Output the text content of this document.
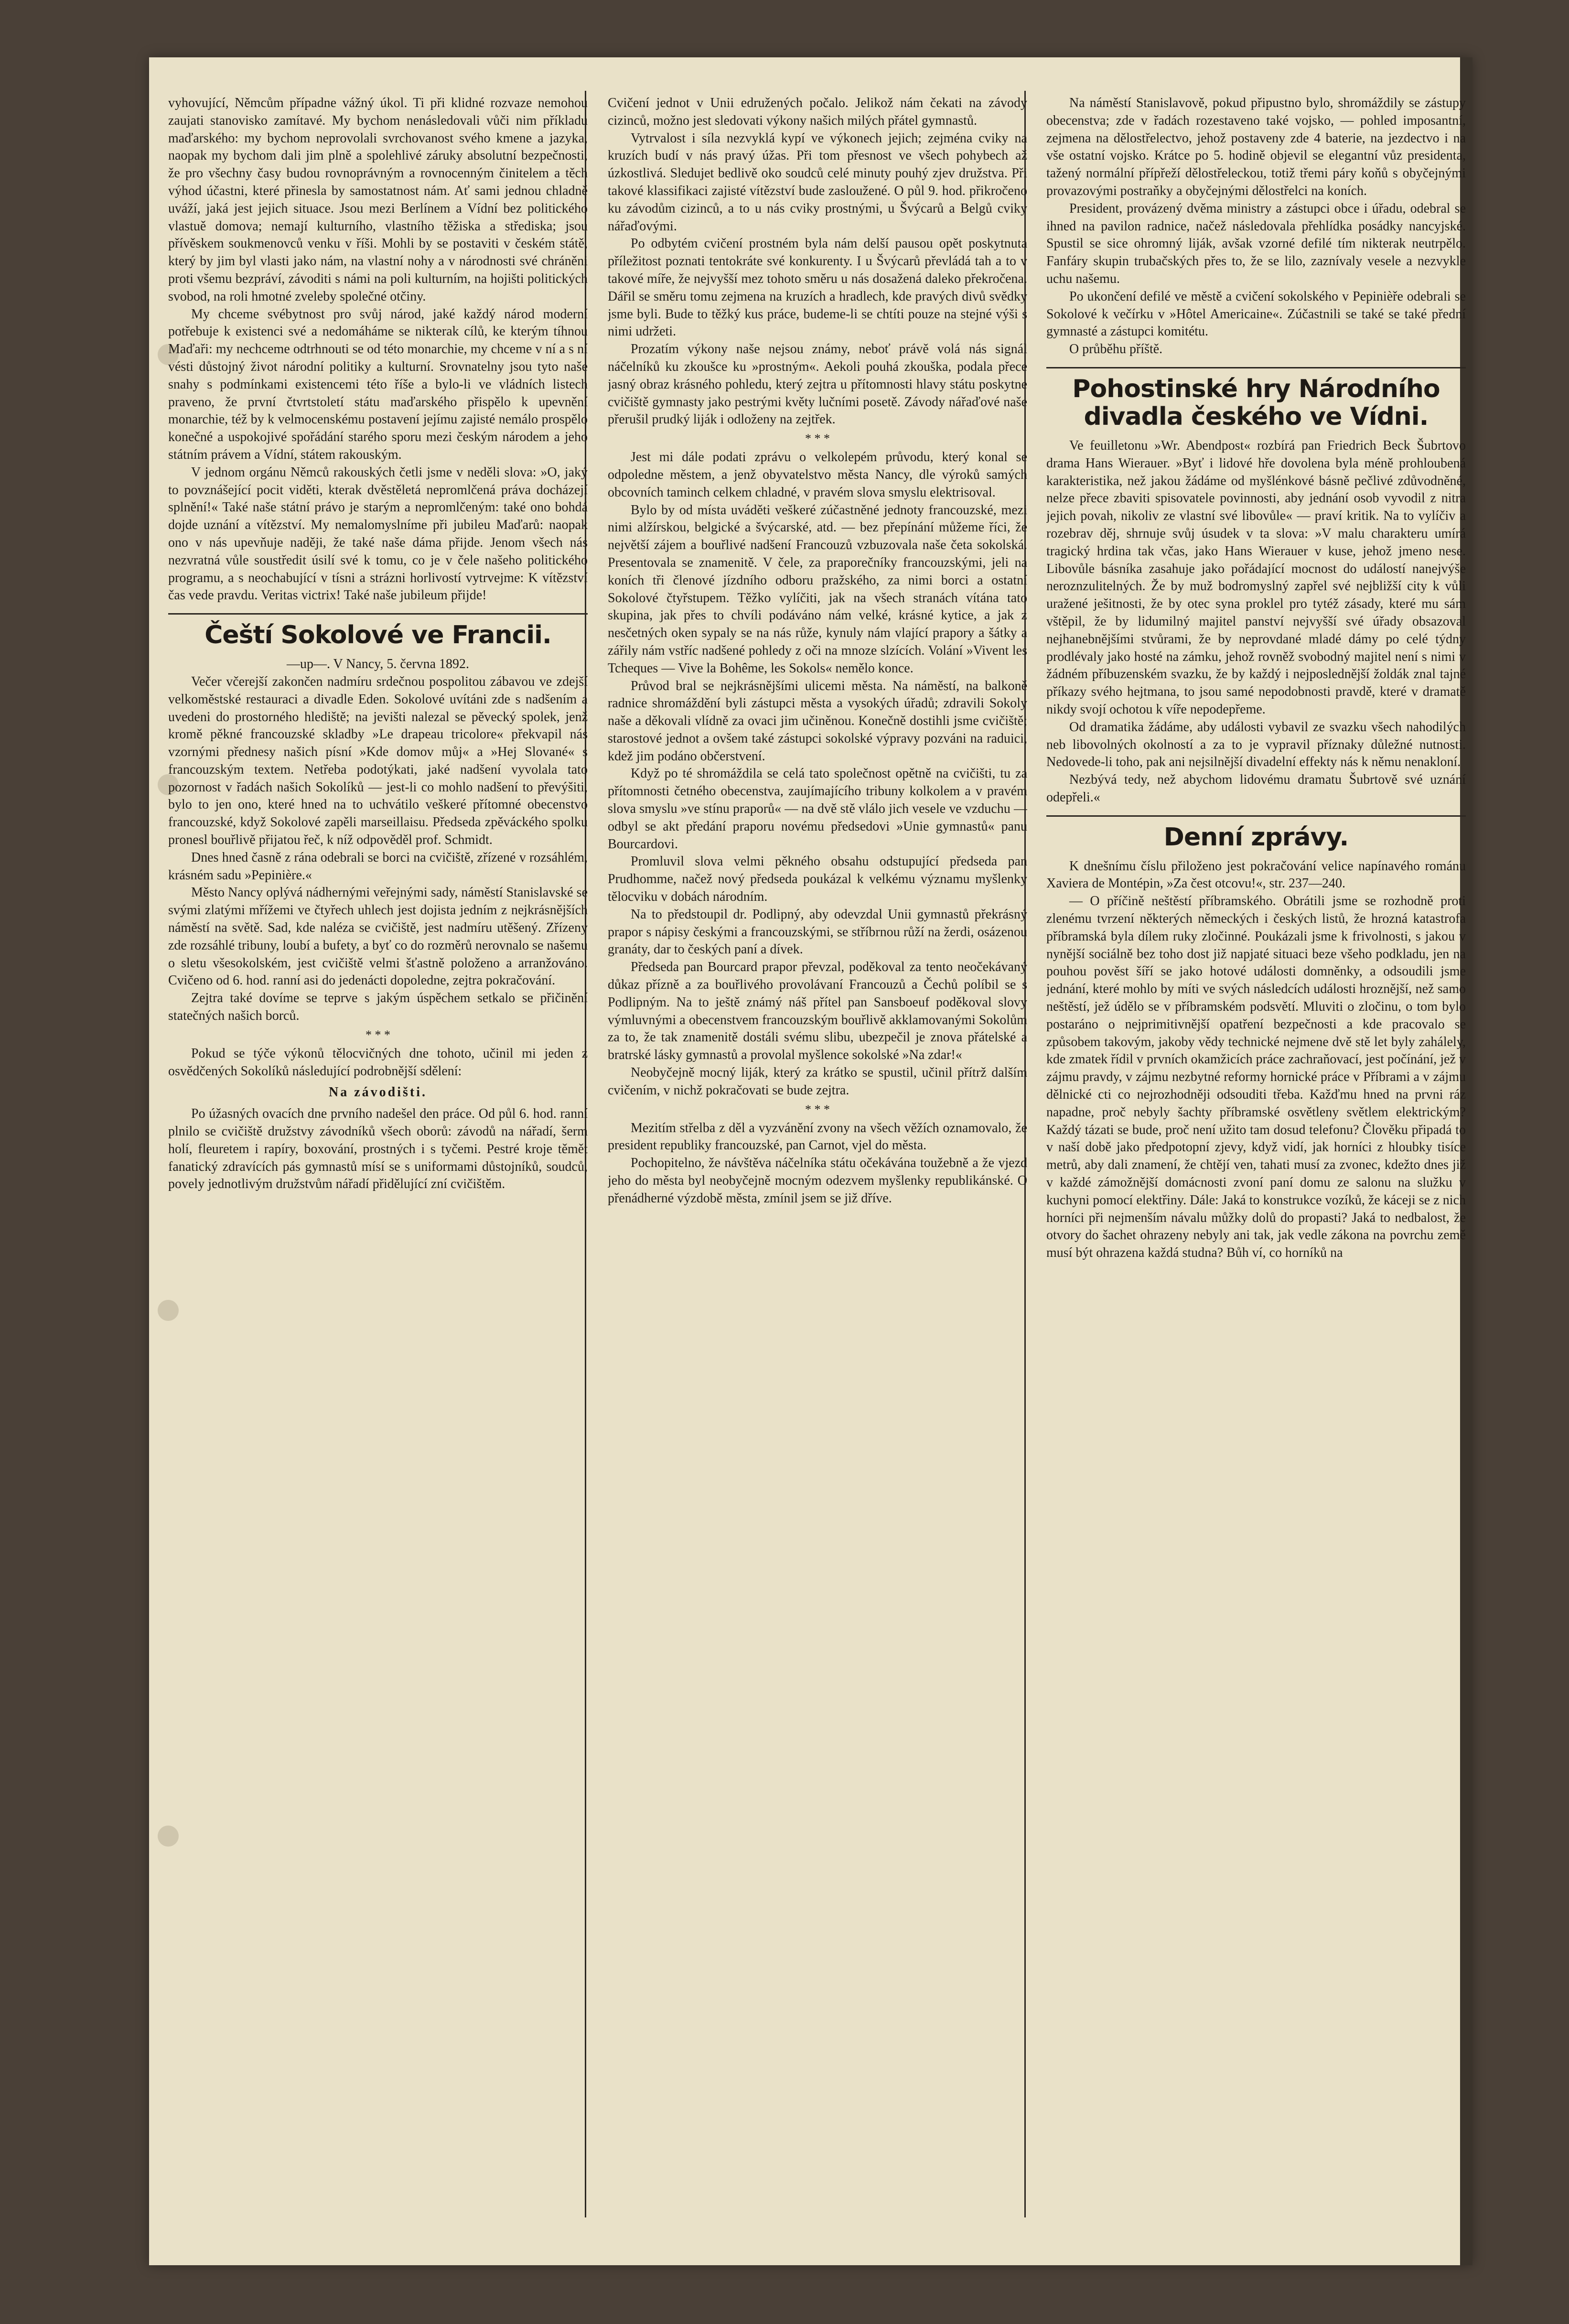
vyhovující, Němcům případne vážný úkol. Ti při klidné rozvaze nemohou zaujati stanovisko zamítavé. My bychom nenásledovali vůči nim příkladu maďarského: my bychom neprovolali svrchovanost svého kmene a jazyka, naopak my bychom dali jim plně a spolehlivé záruky absolutní bezpečnosti, že pro všechny časy budou rovnoprávným a rovnocenným činitelem a těch výhod účastni, které přinesla by samostatnost nám. Ať sami jednou chladně uváží, jaká jest jejich situace. Jsou mezi Berlínem a Vídní bez politického vlastuě domova; nemají kulturního, vlastního těžiska a střediska; jsou přívěskem soukmenovců venku v říši. Mohli by se postaviti v českém státě, který by jim byl vlasti jako nám, na vlastní nohy a v národnosti své chráněni proti všemu bezpráví, závoditi s námi na poli kulturním, na hojišti politických svobod, na roli hmotné zveleby společné otčiny.

My chceme svébytnost pro svůj národ, jaké každý národ moderní potřebuje k existenci své a nedomáháme se nikterak cílů, ke kterým tíhnou Maďaři: my nechceme odtrhnouti se od této monarchie, my chceme v ní a s ní vésti důstojný život národní politiky a kulturní. Srovnatelny jsou tyto naše snahy s podmínkami existencemi této říše a bylo-li ve vládních listech praveno, že první čtvrtstoletí státu maďarského přispělo k upevnění monarchie, též by k velmocenskému postavení jejímu zajisté nemálo prospělo konečné a uspokojivé spořádání starého sporu mezi českým národem a jeho státním právem a Vídní, státem rakouským.

V jednom orgánu Němců rakouských četli jsme v neděli slova: »O, jaký to povznášející pocit viděti, kterak dvěstěletá nepromlčená práva docházejí splnění!« Také naše státní právo je starým a nepromlčeným: také ono bohdá dojde uznání a vítězství. My nemalomyslníme při jubileu Maďarů: naopak ono v nás upevňuje naději, že také naše dáma přijde. Jenom všech nás nezvratná vůle soustředit úsilí své k tomu, co je v čele našeho politického programu, a s neochabující v tísni a strázni horlivostí vytrvejme: K vítězství čas vede pravdu. Veritas victrix! Také naše jubileum přijde!

Čeští Sokolové ve Francii.

—up—. V Nancy, 5. června 1892.

Večer včerejší zakončen nadmíru srdečnou pospolitou zábavou ve zdejší velkoměstské restauraci a divadle Eden. Sokolové uvítáni zde s nadšením a uvedeni do prostorného hlediště; na jevišti nalezal se pěvecký spolek, jenž kromě pěkné francouzské skladby »Le drapeau tricolore« překvapil nás vzornými přednesy našich písní »Kde domov můj« a »Hej Slované« s francouzským textem. Netřeba podotýkati, jaké nadšení vyvolala tato pozornost v řadách našich Sokolíků — jest-li co mohlo nadšení to převýšiti, bylo to jen ono, které hned na to uchvátilo veškeré přítomné obecenstvo francouzské, když Sokolové zapěli marseillaisu. Předseda zpěváckého spolku pronesl bouřlivě přijatou řeč, k níž odpověděl prof. Schmidt.

Dnes hned časně z rána odebrali se borci na cvičiště, zřízené v rozsáhlém, krásném sadu »Pepinière.«

Město Nancy oplývá nádhernými veřejnými sady, náměstí Stanislavské se svými zlatými mřížemi ve čtyřech uhlech jest dojista jedním z nejkrásnějších náměstí na světě. Sad, kde naléza se cvičiště, jest nadmíru utěšený. Zřízeny zde rozsáhlé tribuny, loubí a bufety, a byť co do rozměrů nerovnalo se našemu o sletu všesokolském, jest cvičiště velmi šťastně položeno a arranžováno. Cvičeno od 6. hod. ranní asi do jedenácti dopoledne, zejtra pokračování.

Zejtra také dovíme se teprve s jakým úspěchem setkalo se přičinění statečných našich borců.

* * *

Pokud se týče výkonů tělocvičných dne tohoto, učinil mi jeden z osvědčených Sokolíků následující podrobnější sdělení:

Na závodišti.

Po úžasných ovacích dne prvního nadešel den práce. Od půl 6. hod. ranní plnilo se cvičiště družstvy závodníků všech oborů: závodů na nářadí, šerm holí, fleuretem i rapíry, boxování, prostných i s tyčemi. Pestré kroje těmět fanatický zdravících pás gymnastů mísí se s uniformami důstojníků, soudců, povely jednotlivým družstvům nářadí přidělující zní cvičištěm.

Cvičení jednot v Unii edružených počalo. Jelikož nám čekati na závody cizinců, možno jest sledovati výkony našich milých přátel gymnastů.

Vytrvalost i síla nezvyklá kypí ve výkonech jejich; zejména cviky na kruzích budí v nás pravý úžas. Při tom přesnost ve všech pohybech až úzkostlivá. Sledujet bedlivě oko soudců celé minuty pouhý zjev družstva. Při takové klassifikaci zajisté vítězství bude zasloužené. O půl 9. hod. přikročeno ku závodům cizinců, a to u nás cviky prostnými, u Švýcarů a Belgů cviky nářaďovými.

Po odbytém cvičení prostném byla nám delší pausou opět poskytnuta příležitost poznati tentokráte své konkurenty. I u Švýcarů převládá tah a to v takové míře, že nejvyšší mez tohoto směru u nás dosažená daleko překročena. Dářil se směru tomu zejmena na kruzích a hradlech, kde pravých divů svědky jsme byli. Bude to těžký kus práce, budeme-li se chtíti pouze na stejné výši s nimi udržeti.

Prozatím výkony naše nejsou známy, neboť právě volá nás signál náčelníků ku zkoušce ku »prostným«. Aekoli pouhá zkouška, podala přece jasný obraz krásného pohledu, který zejtra u přítomnosti hlavy státu poskytne cvičiště gymnasty jako pestrými květy lučními posetě. Závody nářaďové naše přerušil prudký liják i odloženy na zejtřek.

* * *

Jest mi dále podati zprávu o velkolepém průvodu, který konal se odpoledne městem, a jenž obyvatelstvo města Nancy, dle výroků samých obcovních taminch celkem chladné, v pravém slova smyslu elektrisoval.

Bylo by od místa uváděti veškeré zúčastněné jednoty francouzské, mezi nimi alžírskou, belgické a švýcarské, atd. — bez přepínání můžeme říci, že největší zájem a bouřlivé nadšení Francouzů vzbuzovala naše četa sokolská. Presentovala se znamenitě. V čele, za praporečníky francouzskými, jeli na koních tři členové jízdního odboru pražského, za nimi borci a ostatní Sokolové čtyřstupem. Těžko vylíčiti, jak na všech stranách vítána tato skupina, jak přes to chvíli podáváno nám velké, krásné kytice, a jak z nesčetných oken sypaly se na nás růže, kynuly nám vlající prapory a šátky a zářily nám vstříc nadšené pohledy z oči na mnoze slzících. Volání »Vivent les Tcheques — Vive la Bohême, les Sokols« nemělo konce.

Průvod bral se nejkrásnějšími ulicemi města. Na náměstí, na balkoně radnice shromáždění byli zástupci města a vysokých úřadů; zdravili Sokoly naše a děkovali vlídně za ovaci jim učiněnou. Konečně dostihli jsme cvičiště; starostové jednot a ovšem také zástupci sokolské výpravy pozváni na raduici, kdež jim podáno občerstvení.

Když po té shromáždila se celá tato společnost opětně na cvičišti, tu za přítomnosti četného obecenstva, zaujímajícího tribuny kolkolem a v pravém slova smyslu »ve stínu praporů« — na dvě stě vlálo jich vesele ve vzduchu — odbyl se akt předání praporu novému předsedovi »Unie gymnastů« panu Bourcardovi.

Promluvil slova velmi pěkného obsahu odstupující předseda pan Prudhomme, načež nový předseda poukázal k velkému významu myšlenky tělocviku v dobách národním.

Na to předstoupil dr. Podlipný, aby odevzdal Unii gymnastů překrásný prapor s nápisy českými a francouzskými, se stříbrnou růží na žerdi, osázenou granáty, dar to českých paní a dívek.

Předseda pan Bourcard prapor převzal, poděkoval za tento neočekávaný důkaz přízně a za bouřlivého provolávaní Francouzů a Čechů políbil se s Podlipným. Na to ještě známý náš přítel pan Sansboeuf poděkoval slovy výmluvnými a obecenstvem francouzským bouřlivě akklamovanými Sokolům za to, že tak znamenitě dostáli svému slibu, ubezpečil je znova přátelské a bratrské lásky gymnastů a provolal myšlence sokolské »Na zdar!«

Neobyčejně mocný liják, který za krátko se spustil, učinil přítrž dalším cvičením, v nichž pokračovati se bude zejtra.

* * *

Mezitím střelba z děl a vyzvánění zvony na všech věžích oznamovalo, že president republiky francouzské, pan Carnot, vjel do města.

Pochopitelno, že návštěva náčelníka státu očekávána toužebně a že vjezd jeho do města byl neobyčejně mocným odezvem myšlenky republikánské. O přenádherné výzdobě města, zmínil jsem se již dříve.

Na náměstí Stanislavově, pokud připustno bylo, shromáždily se zástupy obecenstva; zde v řadách rozestaveno také vojsko, — pohled imposantní, zejmena na dělostřelectvo, jehož postaveny zde 4 baterie, na jezdectvo i na vše ostatní vojsko. Krátce po 5. hodině objevil se elegantní vůz presidenta, tažený normální přípřeží dělostřeleckou, totiž třemi páry koňů s obyčejnými provazovými postraňky a obyčejnými dělostřelci na koních.

President, provázený dvěma ministry a zástupci obce i úřadu, odebral se ihned na pavilon radnice, načež následovala přehlídka posádky nancyjské. Spustil se sice ohromný liják, avšak vzorné defilé tím nikterak neutrpělo. Fanfáry skupin trubačských přes to, že se lilo, zaznívaly vesele a nezvykle uchu našemu.

Po ukončení defilé ve městě a cvičení sokolského v Pepinièře odebrali se Sokolové k večírku v »Hôtel Americaine«. Zúčastnili se také se také přední gymnasté a zástupci komitétu.

O průběhu příště.

Pohostinské hry Národního divadla českého ve Vídni.

Ve feuilletonu »Wr. Abendpost« rozbírá pan Friedrich Beck Šubrtovo drama Hans Wierauer. »Byť i lidové hře dovolena byla méně prohloubená karakteristika, než jakou žádáme od myšlénkové básně pečlivé zdůvodněné, nelze přece zbaviti spisovatele povinnosti, aby jednání osob vyvodil z nitra jejich povah, nikoliv ze vlastní své libovůle« — praví kritik. Na to vylíčiv a rozebrav děj, shrnuje svůj úsudek v ta slova: »V malu charakteru umírá tragický hrdina tak včas, jako Hans Wierauer v kuse, jehož jmeno nese. Libovůle básníka zasahuje jako pořádající mocnost do událostí nanejvýše neroznzulitelných. Že by muž bodromyslný zapřel své nejbližší city k vůli uražené ješitnosti, že by otec syna proklel pro tytéž zásady, které mu sám vštěpil, že by lidumilný majitel panství nejvyšší své úřady obsazoval nejhanebnějšími stvůrami, že by neprovdané mladé dámy po celé týdny prodlévaly jako hosté na zámku, jehož rovněž svobodný majitel není s nimi v žádném příbuzenském svazku, že by každý i nejposlednější žoldák znal tajné příkazy svého hejtmana, to jsou samé nepodobnosti pravdě, které v dramatě nikdy svojí ochotou k víře nepodepřeme.

Od dramatika žádáme, aby události vybavil ze svazku všech nahodilých neb libovolných okolností a za to je vypravil příznaky důležné nutnosti. Nedovede-li toho, pak ani nejsilnější divadelní effekty nás k němu nenakloní.

Nezbývá tedy, než abychom lidovému dramatu Šubrtově své uznání odepřeli.«

Denní zprávy.

K dnešnímu číslu přiloženo jest pokračování velice napínavého románu Xaviera de Montépin, »Za čest otcovu!«, str. 237—240.

— O příčině neštěstí příbramského. Obrátili jsme se rozhodně proti zlenému tvrzení některých německých i českých listů, že hrozná katastrofa příbramská byla dílem ruky zločinné. Poukázali jsme k frivolnosti, s jakou v nynější sociálně bez toho dost již napjaté situaci beze všeho podkladu, jen na pouhou pověst šíří se jako hotové události domněnky, a odsoudili jsme jednání, které mohlo by míti ve svých následcích události hroznější, než samo neštěstí, jež údělo se v příbramském podsvětí. Mluviti o zločinu, o tom bylo postaráno o nejprimitivnější opatření bezpečnosti a kde pracovalo se způsobem takovým, jakoby vědy technické nejmene dvě stě let byly zahálely, kde zmatek řídil v prvních okamžicích práce zachraňovací, jest počínání, jež v zájmu pravdy, v zájmu nezbytné reformy hornické práce v Příbrami a v zájmu dělnické cti co nejrozhodněji odsouditi třeba. Kažďmu hned na prvni ráz napadne, proč nebyly šachty příbramské osvětleny světlem elektrickým? Každý tázati se bude, proč není užito tam dosud telefonu? Člověku připadá to v naší době jako předpotopní zjevy, když vidí, jak horníci z hloubky tisíce metrů, aby dali znamení, že chtějí ven, tahati musí za zvonec, kdežto dnes již v každé zámožnější domácnosti zvoní paní domu ze salonu na služku v kuchyni pomocí elektřiny. Dále: Jaká to konstrukce vozíků, že káceji se z nich horníci při nejmenším návalu můžky dolů do propasti? Jaká to nedbalost, že otvory do šachet ohrazeny nebyly ani tak, jak vedle zákona na povrchu země musí být ohrazena každá studna? Bůh ví, co horníků na
